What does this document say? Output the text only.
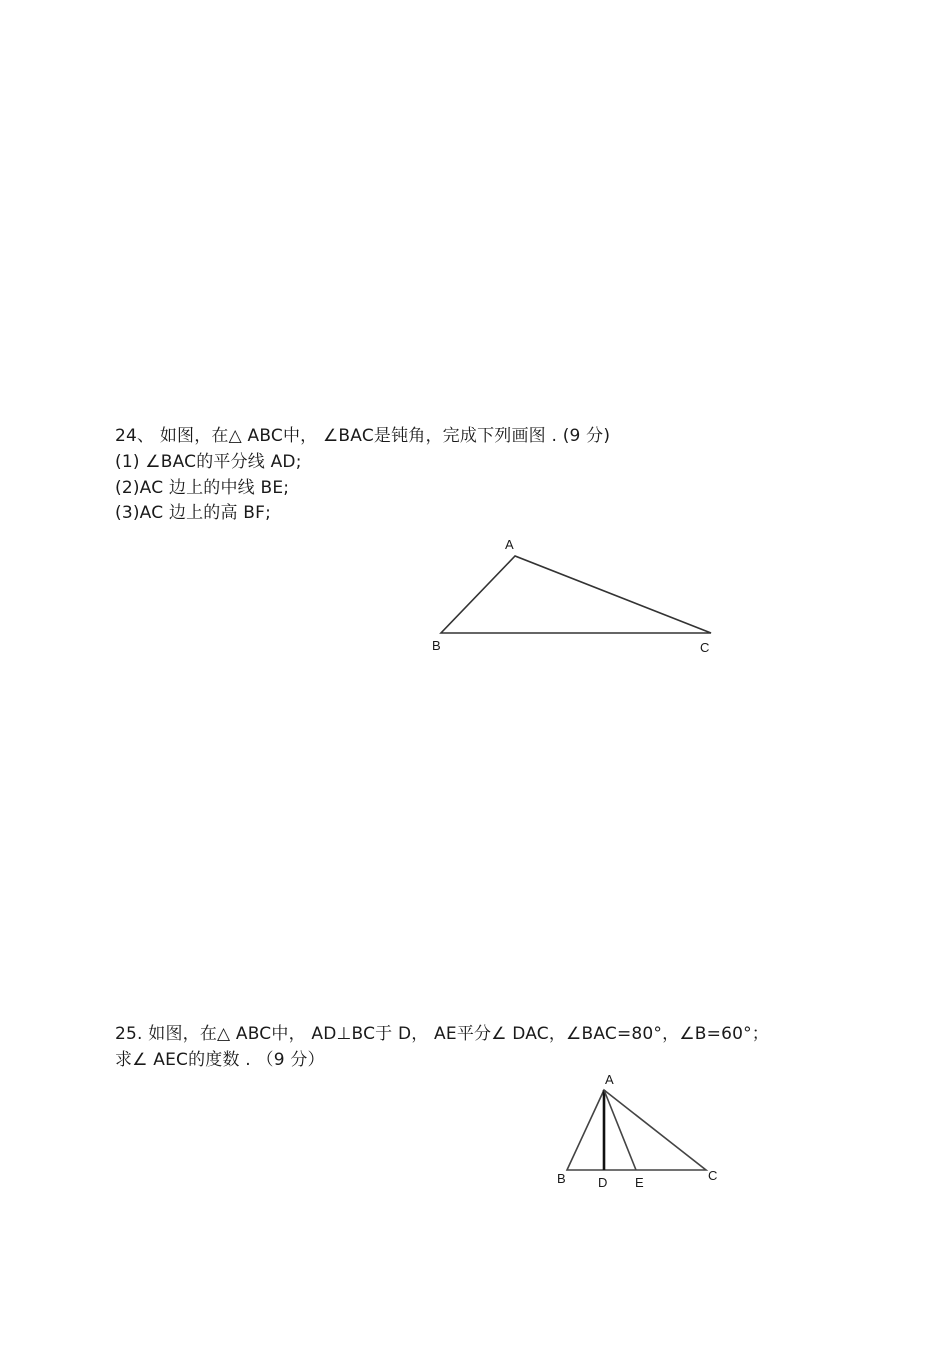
24、 如图，在△ ABC中， ∠BAC是钝角，完成下列画图 . (9 分)
(1) ∠BAC的平分线 AD;
(2)AC 边上的中线 BE;
(3)AC 边上的高 BF;
A
B	C
25. 如图，在△ ABC中， AD⊥BC于 D， AE平分∠ DAC，∠BAC=80°，∠B=60°；
求∠ AEC的度数 . （9 分）
A
B D E	C
